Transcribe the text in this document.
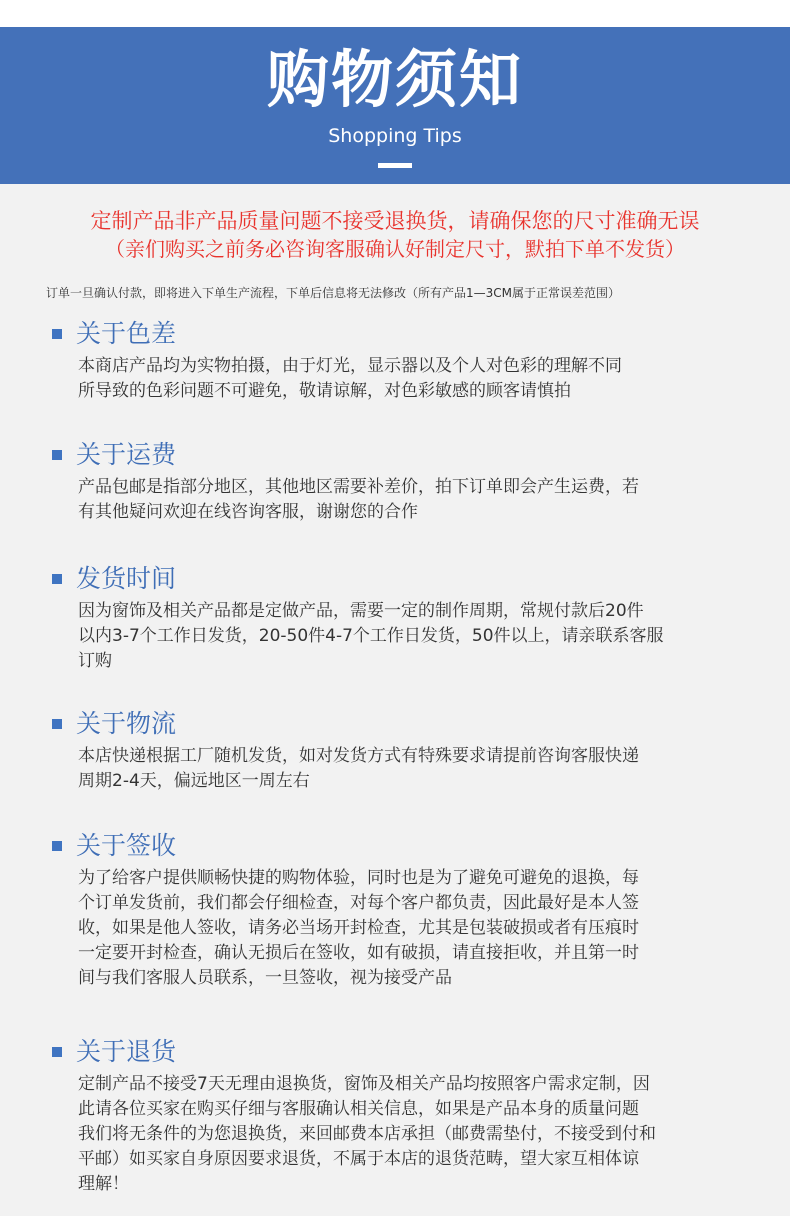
购物须知
Shopping Tips
定制产品非产品质量问题不接受退换货，请确保您的尺寸准确无误
（亲们购买之前务必咨询客服确认好制定尺寸，默拍下单不发货）
订单一旦确认付款，即将进入下单生产流程，下单后信息将无法修改（所有产品1—3CM属于正常误差范围）
关于色差
本商店产品均为实物拍摄，由于灯光，显示器以及个人对色彩的理解不同
所导致的色彩问题不可避免，敬请谅解，对色彩敏感的顾客请慎拍
关于运费
产品包邮是指部分地区，其他地区需要补差价，拍下订单即会产生运费，若
有其他疑问欢迎在线咨询客服，谢谢您的合作
发货时间
因为窗饰及相关产品都是定做产品，需要一定的制作周期，常规付款后20件
以内3-7个工作日发货，20-50件4-7个工作日发货，50件以上，请亲联系客服
订购
关于物流
本店快递根据工厂随机发货，如对发货方式有特殊要求请提前咨询客服快递
周期2-4天，偏远地区一周左右
关于签收
为了给客户提供顺畅快捷的购物体验，同时也是为了避免可避免的退换，每
个订单发货前，我们都会仔细检查，对每个客户都负责，因此最好是本人签
收，如果是他人签收，请务必当场开封检查，尤其是包装破损或者有压痕时
一定要开封检查，确认无损后在签收，如有破损，请直接拒收，并且第一时
间与我们客服人员联系，一旦签收，视为接受产品
关于退货
定制产品不接受7天无理由退换货，窗饰及相关产品均按照客户需求定制，因
此请各位买家在购买仔细与客服确认相关信息，如果是产品本身的质量问题
我们将无条件的为您退换货，来回邮费本店承担（邮费需垫付，不接受到付和
平邮）如买家自身原因要求退货，不属于本店的退货范畴，望大家互相体谅
理解！
